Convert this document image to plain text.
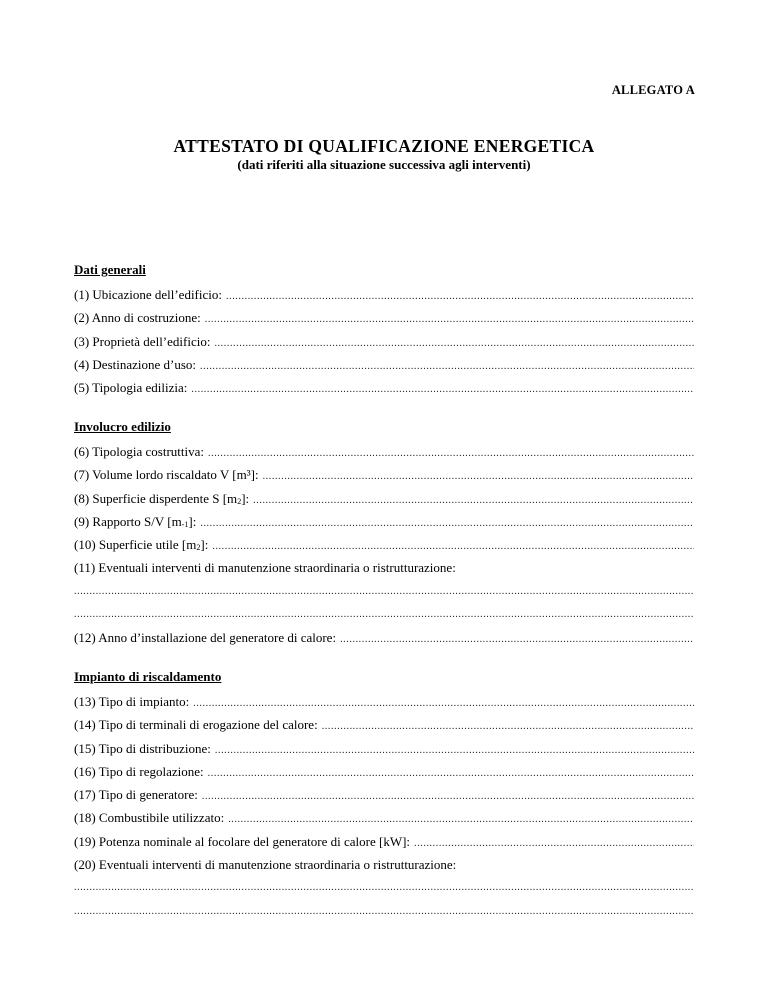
ALLEGATO A
ATTESTATO DI QUALIFICAZIONE ENERGETICA
(dati riferiti alla situazione successiva agli interventi)
Dati generali
(1) Ubicazione dell’edificio:
.....
(2) Anno di costruzione:
.....
(3) Proprietà dell’edificio:
.....
(4) Destinazione d’uso:
.....
(5) Tipologia edilizia:
.....
Involucro edilizio
(6) Tipologia costruttiva:
.....
(7) Volume lordo riscaldato V [m³]:
.....
(8) Superficie disperdente S $[m_2]$:
.....
(9) Rapporto S/V $[m_{-1}]$:
.....
(10) Superficie utile $[m_2]$:
.....
(11) Eventuali interventi di manutenzione straordinaria o ristrutturazione:
.....
.....
(12) Anno d’installazione del generatore di calore:
.....
Impianto di riscaldamento
(13) Tipo di impianto:
.....
(14) Tipo di terminali di erogazione del calore:
.....
(15) Tipo di distribuzione:
.....
(16) Tipo di regolazione:
.....
(17) Tipo di generatore:
.....
(18) Combustibile utilizzato:
.....
(19) Potenza nominale al focolare del generatore di calore [kW]:
.....
(20) Eventuali interventi di manutenzione straordinaria o ristrutturazione:
.....
.....
